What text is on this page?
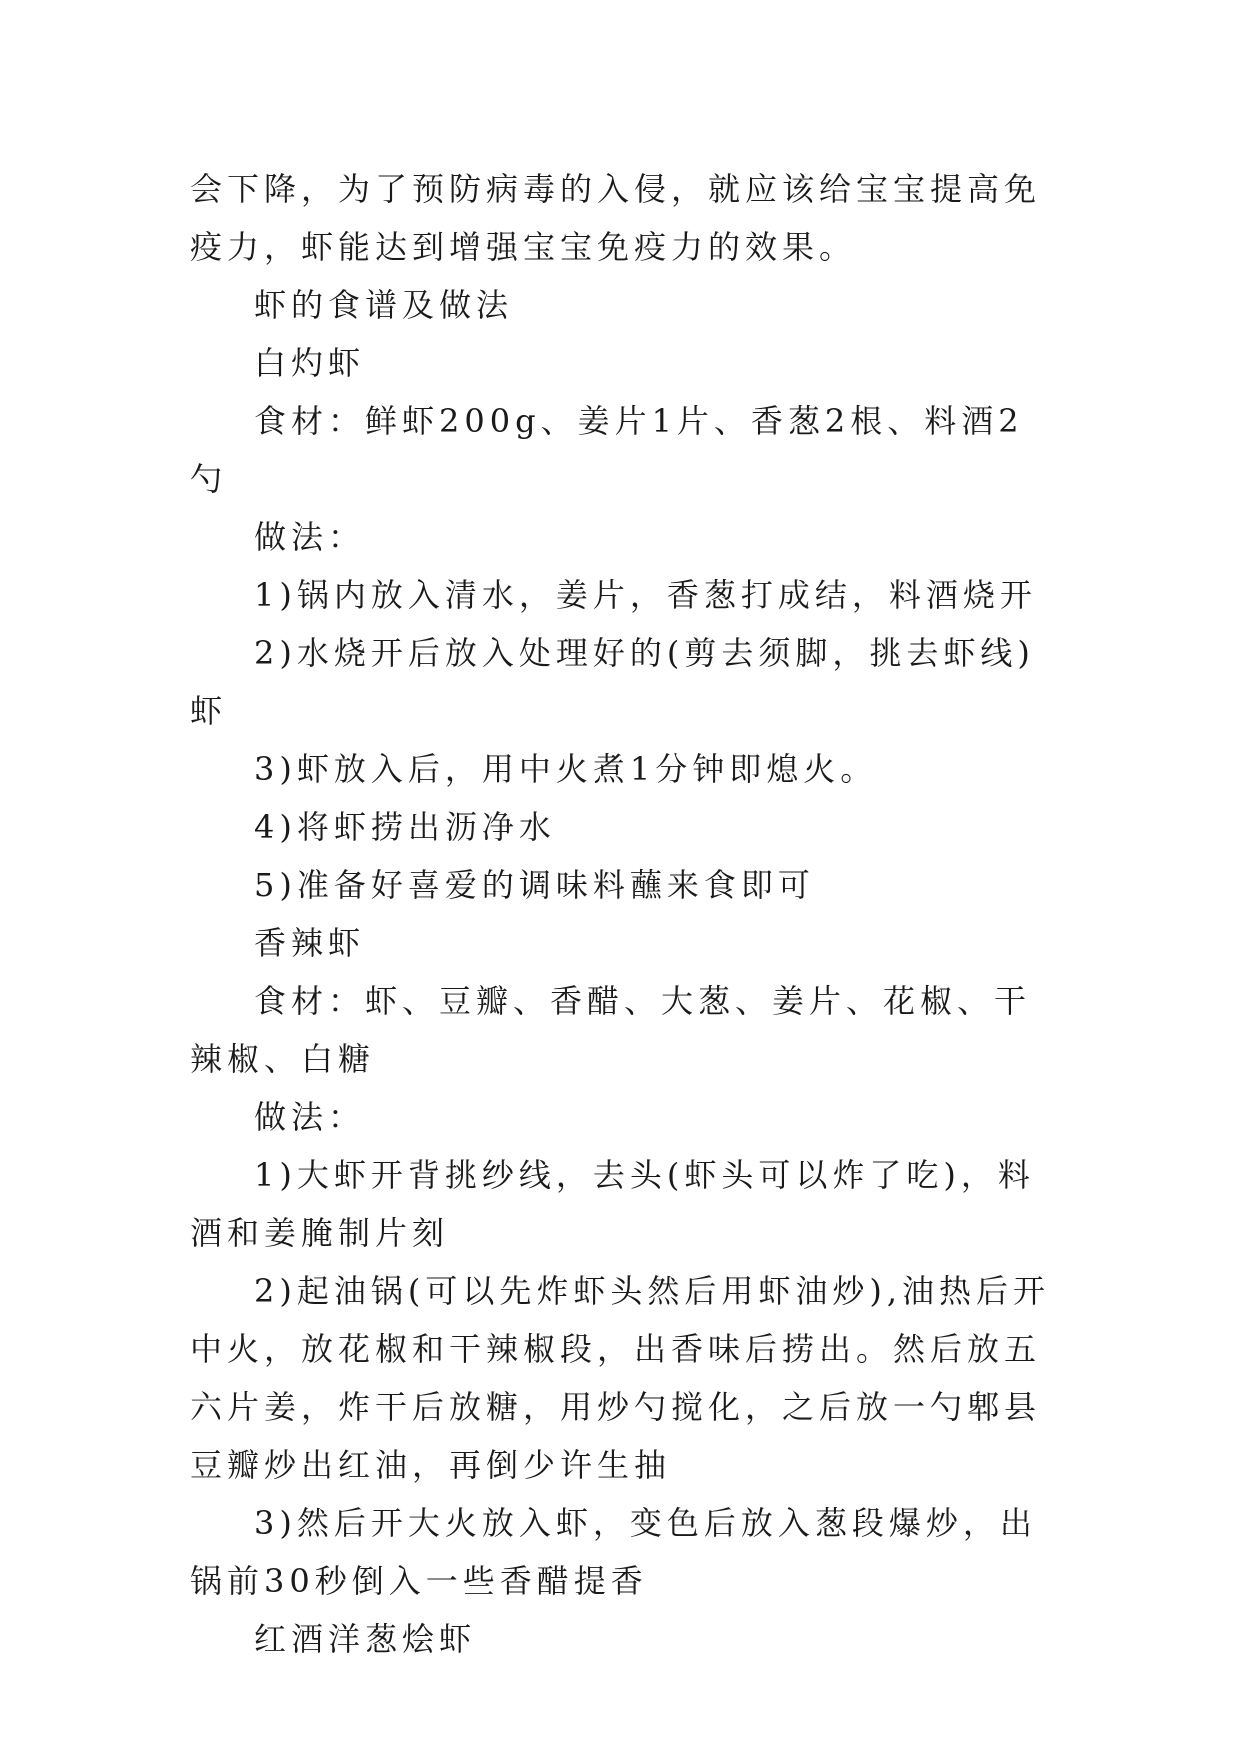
会下降，为了预防病毒的入侵，就应该给宝宝提高免疫力，虾能达到增强宝宝免疫力的效果。

虾的食谱及做法

白灼虾

食材：鲜虾200g、姜片1片、香葱2根、料酒2勺

做法：

1)锅内放入清水，姜片，香葱打成结，料酒烧开

2)水烧开后放入处理好的(剪去须脚，挑去虾线)虾

3)虾放入后，用中火煮1分钟即熄火。

4)将虾捞出沥净水

5)准备好喜爱的调味料蘸来食即可

香辣虾

食材：虾、豆瓣、香醋、大葱、姜片、花椒、干辣椒、白糖

做法：

1)大虾开背挑纱线，去头(虾头可以炸了吃)，料酒和姜腌制片刻

2)起油锅(可以先炸虾头然后用虾油炒),油热后开中火，放花椒和干辣椒段，出香味后捞出。然后放五六片姜，炸干后放糖，用炒勺搅化，之后放一勺郫县豆瓣炒出红油，再倒少许生抽

3)然后开大火放入虾，变色后放入葱段爆炒，出锅前30秒倒入一些香醋提香

红酒洋葱烩虾
